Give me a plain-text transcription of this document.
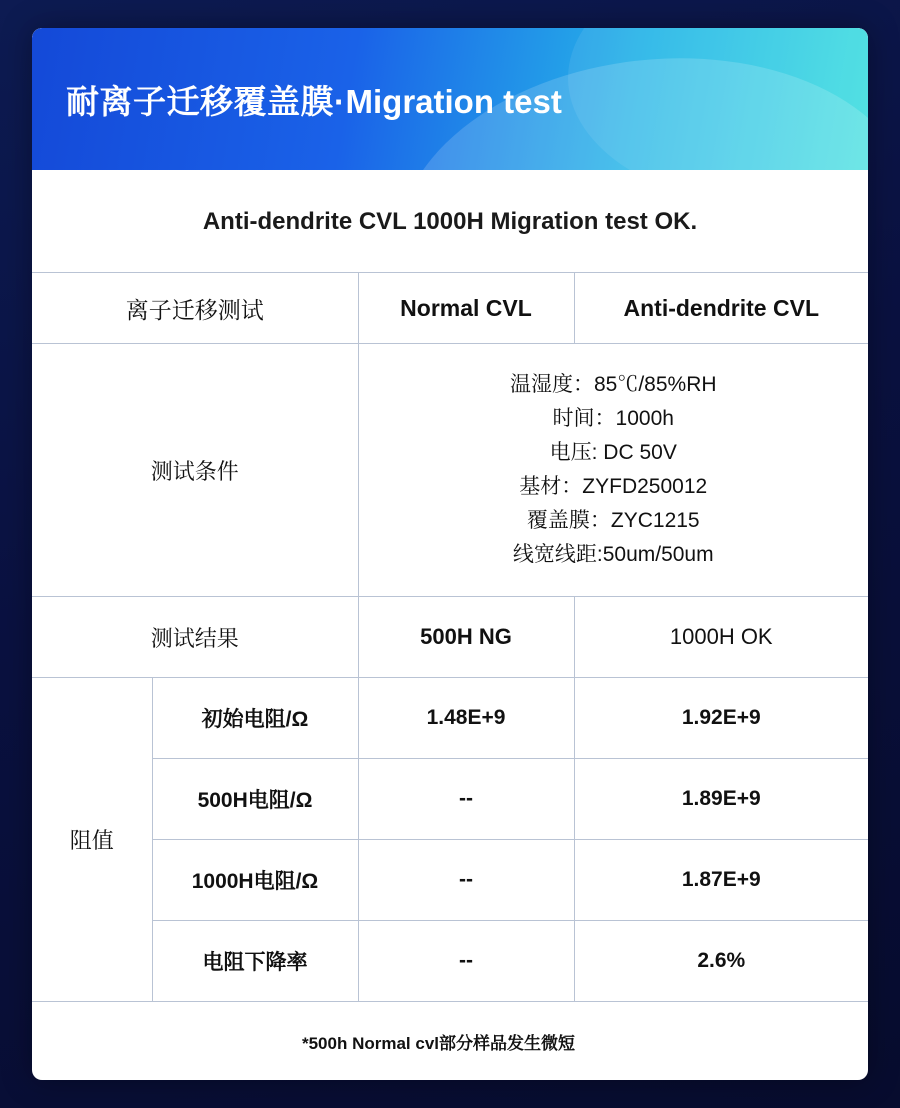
耐离子迁移覆盖膜·Migration test
Anti-dendrite CVL 1000H Migration test OK.
离子迁移测试		Normal CVL	Anti-dendrite CVL
测试条件	
温湿度：85℃/85%RH
时间：1000h
电压: DC 50V
基材：ZYFD250012
覆盖膜：ZYC1215
线宽线距:50um/50um

测试结果		500H NG	1000H OK
阻值	初始电阻/Ω	1.48E+9	1.92E+9
	500H电阻/Ω	--	1.89E+9
	1000H电阻/Ω	--	1.87E+9
	电阻下降率	--	2.6%
*500h Normal cvl部分样品发生微短			
